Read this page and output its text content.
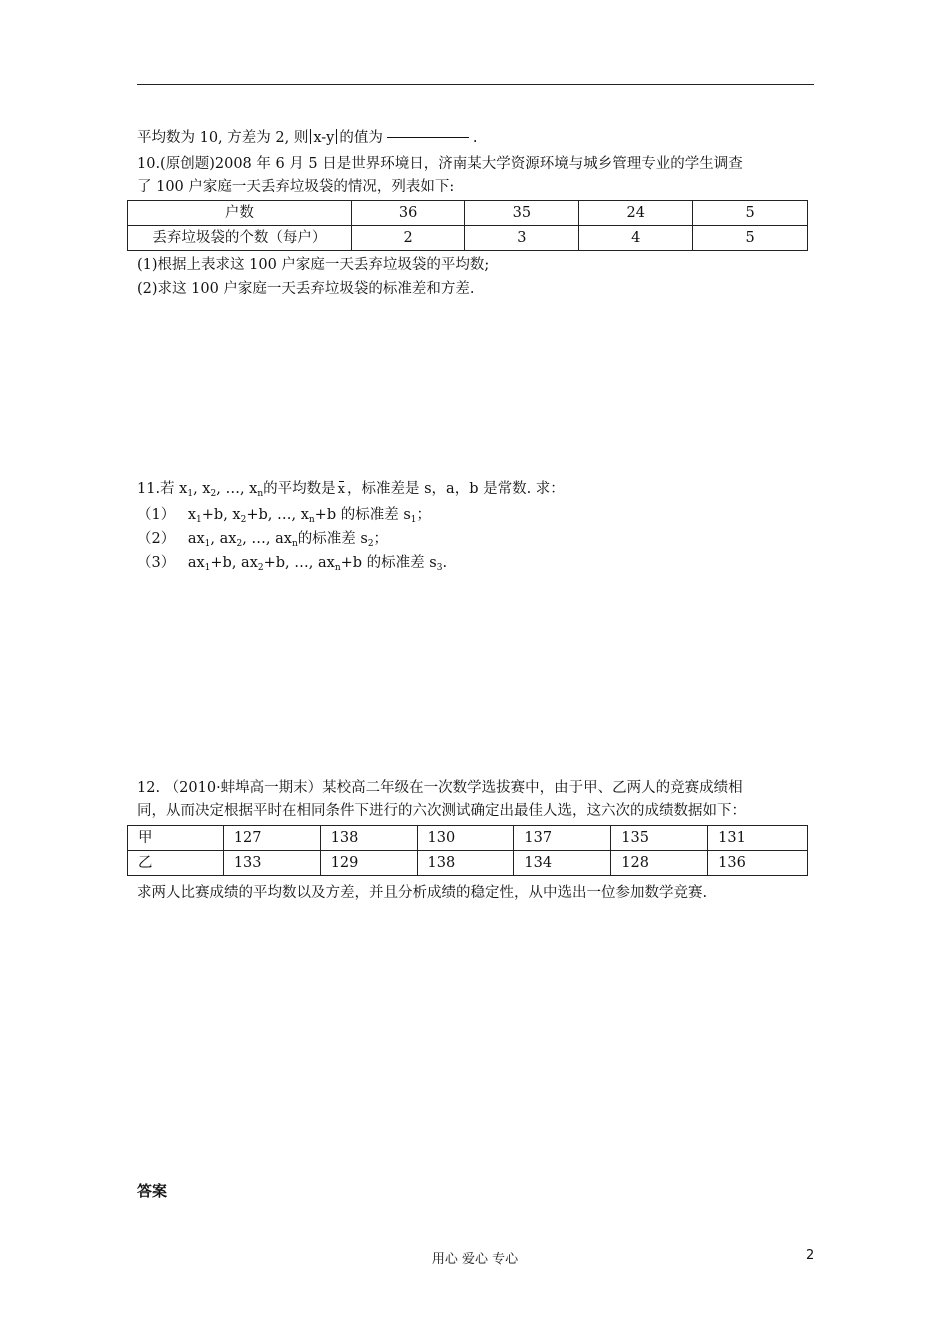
平均数为 10, 方差为 2, 则 x-y 的值为	.
10.(原创题)2008 年 6 月 5 日是世界环境日，济南某大学资源环境与城乡管理专业的学生调查
了 100 户家庭一天丢弃垃圾袋的情况，列表如下:
户数	36	35	24	5
丢弃垃圾袋的个数（每户）	2	3	4	5
(1)根据上表求这 100 户家庭一天丢弃垃圾袋的平均数;
(2)求这 100 户家庭一天丢弃垃圾袋的标准差和方差.
11.若 $x_1$, $x_2$, …, $x_n$的平均数是 x ，标准差是 s，a，b 是常数. 求：
（1） $x_1+b$, $x_2+b$, …, $x_n+b$ 的标准差 $s_1$；
（2） $ax_1$, $ax_2$, …, $ax_n$的标准差 $s_2$；
（3） $ax_1+b$, $ax_2+b$, …, $ax_n+b$ 的标准差 $s_3$.
12. （2010·蚌埠高一期末）某校高二年级在一次数学选拔赛中，由于甲、乙两人的竞赛成绩相
同，从而决定根据平时在相同条件下进行的六次测试确定出最佳人选，这六次的成绩数据如下：
甲	127	138	130	137	135	131
乙	133	129	138	134	128	136
求两人比赛成绩的平均数以及方差，并且分析成绩的稳定性，从中选出一位参加数学竞赛.
答案
用心 爱心 专心	2
